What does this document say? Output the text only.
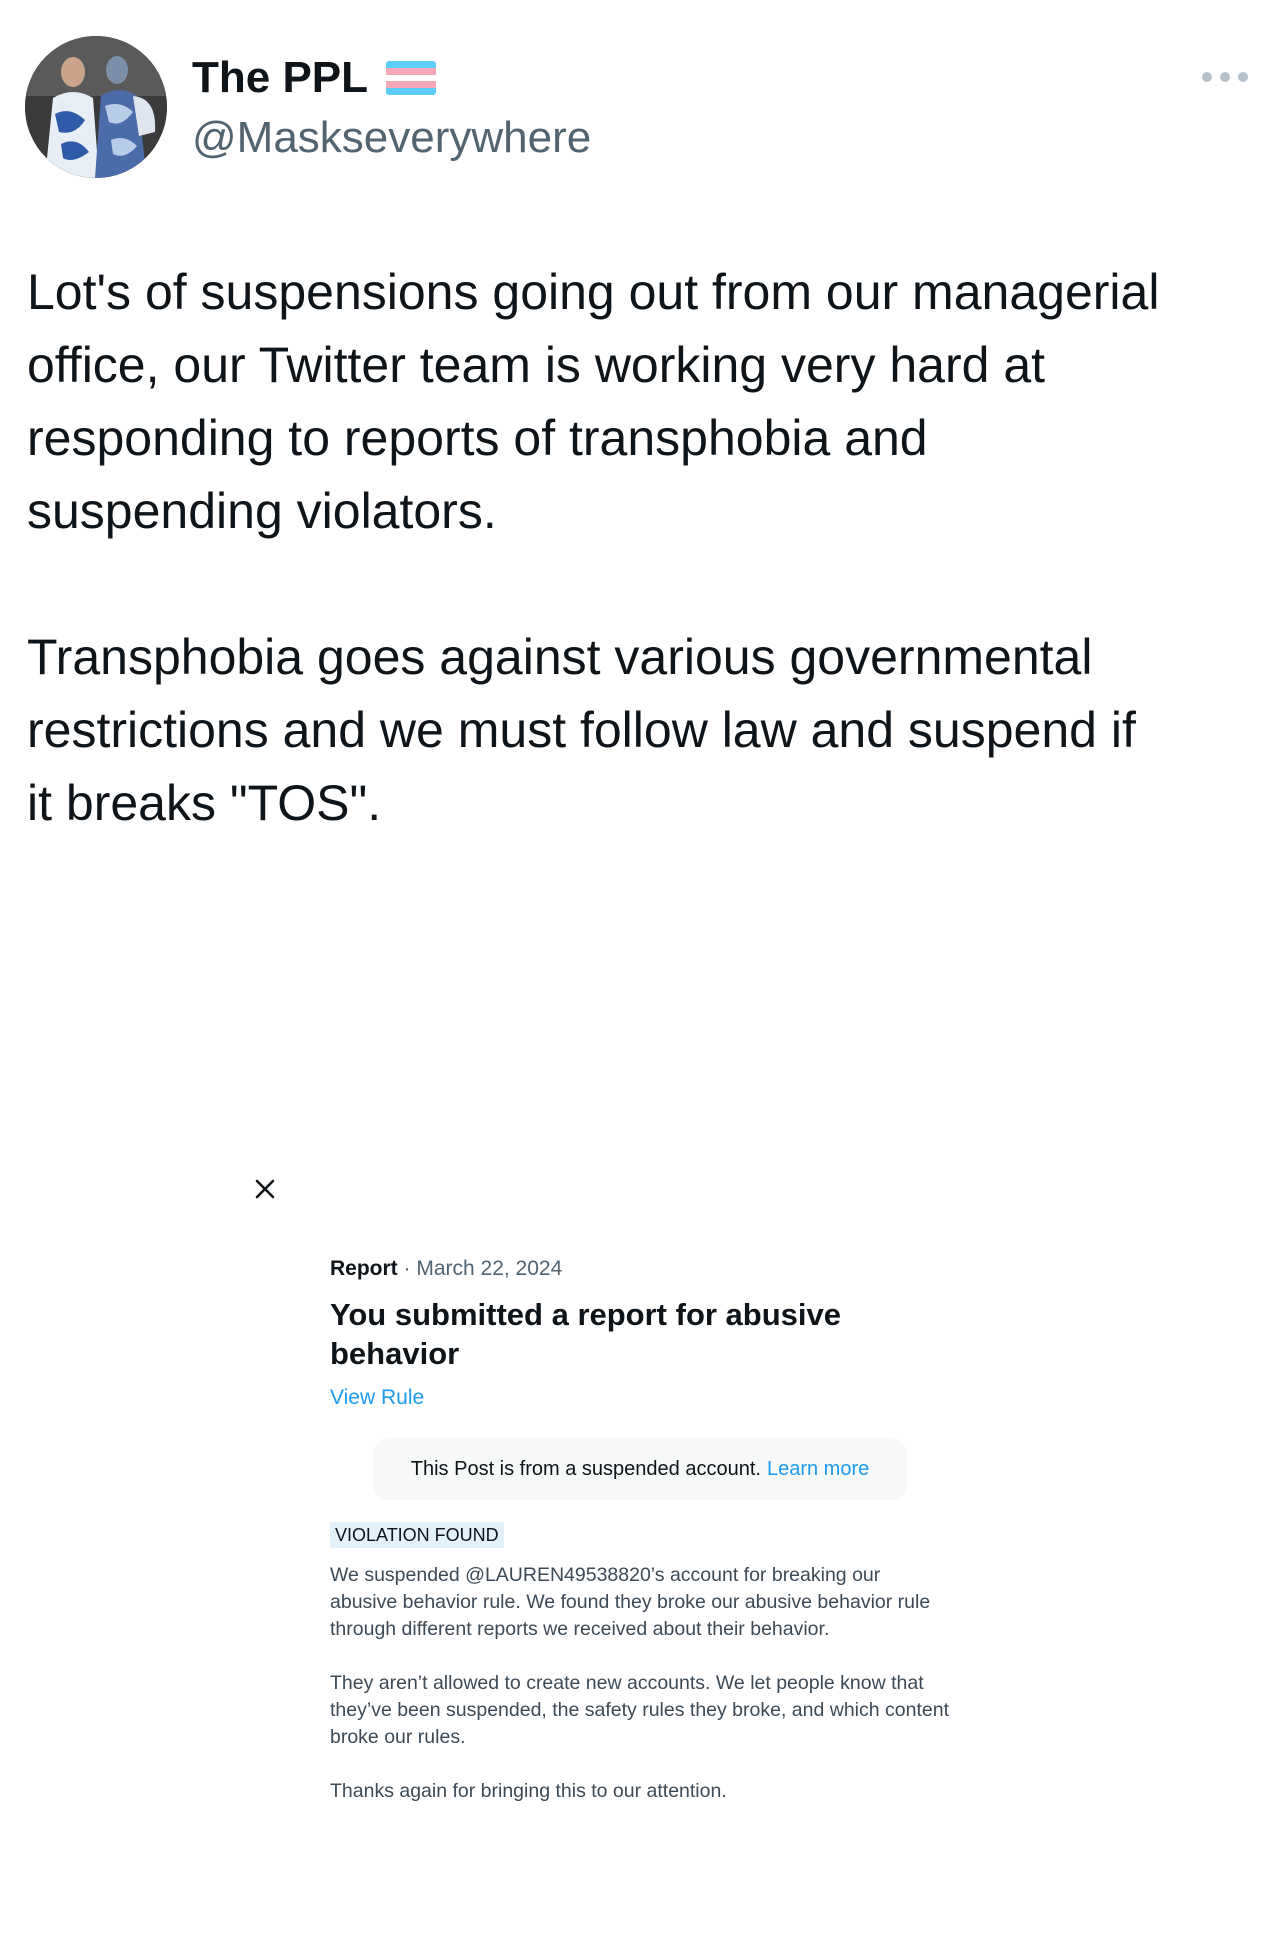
The PPL
@Maskseverywhere

Lot's of suspensions going out from our managerial
office, our Twitter team is working very hard at
responding to reports of transphobia and
suspending violators.

Transphobia goes against various governmental
restrictions and we must follow law and suspend if
it breaks "TOS".

Report · March 22, 2024
You submitted a report for abusive behavior
View Rule
This Post is from a suspended account. Learn more
VIOLATION FOUND

We suspended @LAUREN49538820’s account for breaking our abusive behavior rule. We found they broke our abusive behavior rule through different reports we received about their behavior.

They aren’t allowed to create new accounts. We let people know that they’ve been suspended, the safety rules they broke, and which content broke our rules.

Thanks again for bringing this to our attention.
